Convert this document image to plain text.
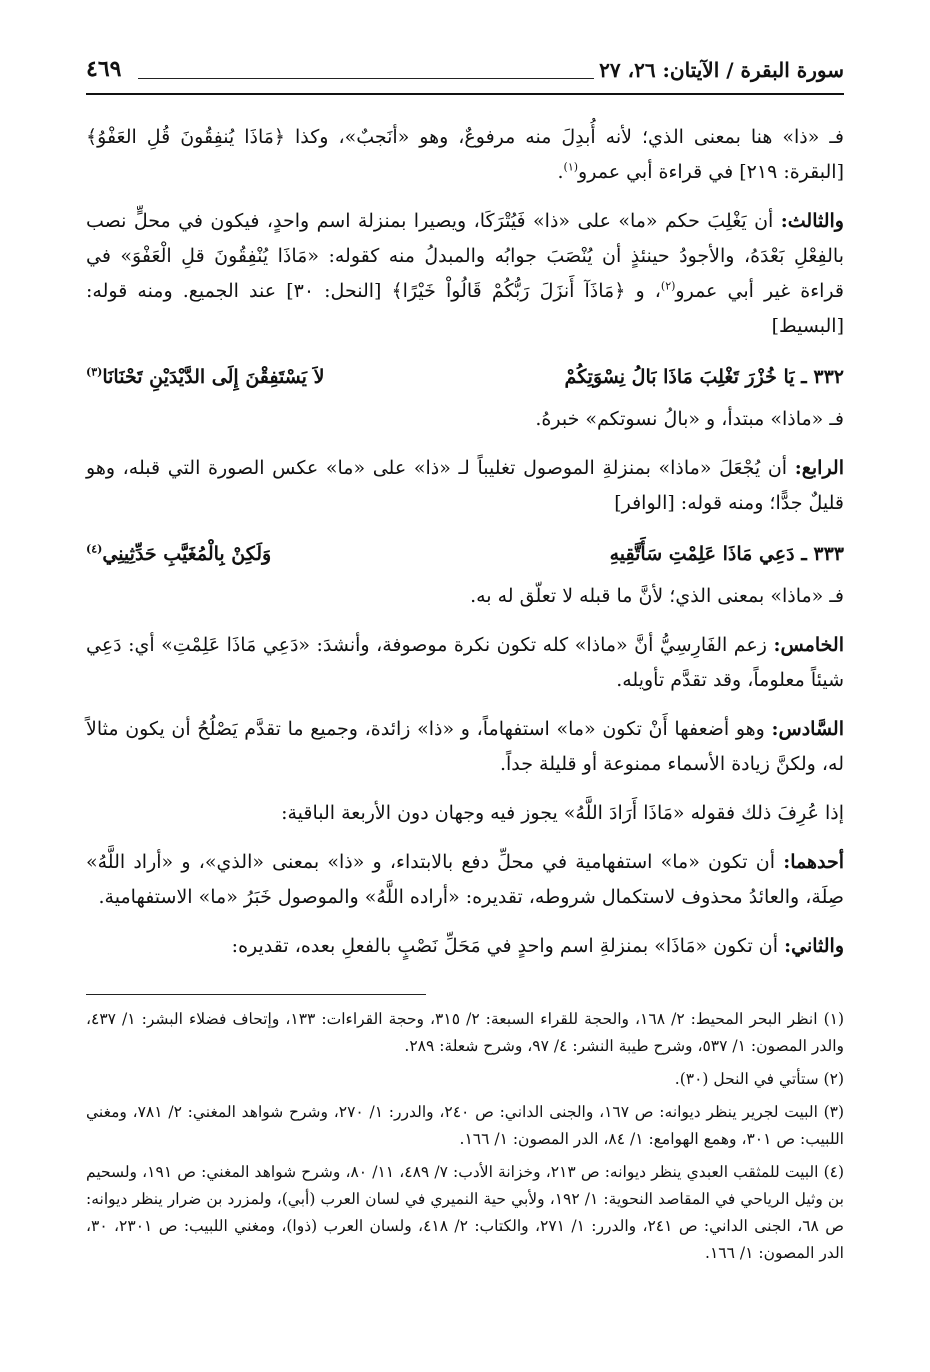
سورة البقرة / الآيتان: ٢٦، ٢٧
٤٦٩

فـ «ذا» هنا بمعنى الذي؛ لأنه أُبدِلَ منه مرفوعٌ، وهو «أنَجبٌ»، وكذا ﴿مَاذَا يُنفِقُونَ قُلِ العَفْوُ﴾ [البقرة: ٢١٩] في قراءة أبي عمرو$^{(١)}$.

والثالث: أن يَغْلِبَ حكم «ما» على «ذا» فَيُتْرَكَا، ويصيرا بمنزلة اسم واحدٍ، فيكون في محلٍّ نصب بالفِعْلِ بَعْدَهُ، والأجودُ حينئذٍ أن يُنْصَبَ جوابُه والمبدلُ منه كقوله: «مَاذَا يُنْفِقُونَ قلِ الْعَفْوَ» في قراءة غير أبي عمرو$^{(٢)}$، و ﴿مَاذَآ أَنزَلَ رَبُّكُمْ قَالُواْ خَيْرًا﴾ [النحل: ٣٠] عند الجميع. ومنه قوله: [البسيط]

٣٣٢ ـ يَا خُزْرَ تَغْلِبَ مَاذَا بَالُ نِسْوَتِكُمْ
لاَ يَسْتَفِقْنَ إِلَى الدَّيْدَيْنِ تَحْنَانَا$^{(٣)}$

فـ «ماذا» مبتدأ، و «بالُ نسوتكم» خبرهُ.

الرابع: أن يُجْعَلَ «ماذا» بمنزلةِ الموصول تغليباً لـ «ذا» على «ما» عكس الصورة التي قبله، وهو قليلٌ جدًّا؛ ومنه قوله: [الوافر]

٣٣٣ ـ دَعِي مَاذَا عَلِمْتِ سَأَتَّقِيهِ
وَلَكِنْ بِالْمُغَيَّبِ حَدِّثِينِي$^{(٤)}$

فـ «ماذا» بمعنى الذي؛ لأنَّ ما قبله لا تعلّق له به.

الخامس: زعم الفَارِسِيُّ أنَّ «ماذا» كله تكون نكرة موصوفة، وأنشدَ: «دَعِي مَاذَا عَلِمْتِ» أي: دَعِي شيئاً معلوماً، وقد تقدَّم تأويله.

السَّادس: وهو أضعفها أَنْ تكون «ما» استفهاماً، و «ذا» زائدة، وجميع ما تقدَّم يَصْلُحُ أن يكون مثالاً له، ولكنَّ زيادة الأسماء ممنوعة أو قليلة جداً.

إذا عُرِفَ ذلك فقوله «مَاذَا أَرَادَ اللَّهُ» يجوز فيه وجهان دون الأربعة الباقية:

أحدهما: أن تكون «ما» استفهامية في محلِّ دفع بالابتداء، و «ذا» بمعنى «الذي»، و «أراد اللَّهُ» صِلَة، والعائدُ محذوف لاستكمال شروطه، تقديره: «أراده اللَّهُ» والموصول خَبَرُ «ما» الاستفهامية.

والثاني: أن تكون «مَاذَا» بمنزلةِ اسم واحدٍ في مَحَلِّ نَصْبٍ بالفعلِ بعده، تقديره:

(١) انظر البحر المحيط: ٢/ ١٦٨، والحجة للقراء السبعة: ٢/ ٣١٥، وحجة القراءات: ١٣٣، وإتحاف فضلاء البشر: ١/ ٤٣٧، والدر المصون: ١/ ٥٣٧، وشرح طيبة النشر: ٤/ ٩٧، وشرح شعلة: ٢٨٩.

(٢) ستأتي في النحل (٣٠).

(٣) البيت لجرير ينظر ديوانه: ص ١٦٧، والجنى الداني: ص ٢٤٠، والدرر: ١/ ٢٧٠، وشرح شواهد المغني: ٢/ ٧٨١، ومغني اللبيب: ص ٣٠١، وهمع الهوامع: ١/ ٨٤، الدر المصون: ١/ ١٦٦.

(٤) البيت للمثقب العبدي ينظر ديوانه: ص ٢١٣، وخزانة الأدب: ٧/ ٤٨٩، ١١/ ٨٠، وشرح شواهد المغني: ص ١٩١، ولسحيم بن وثيل الرياحي في المقاصد النحوية: ١/ ١٩٢، ولأبي حية النميري في لسان العرب (أبي)، ولمزرد بن ضرار ينظر ديوانه: ص ٦٨، الجنى الداني: ص ٢٤١، والدرر: ١/ ٢٧١، والكتاب: ٢/ ٤١٨، ولسان العرب (ذوا)، ومغني اللبيب: ص ٢٣٠١، ٣٠، الدر المصون: ١/ ١٦٦.
